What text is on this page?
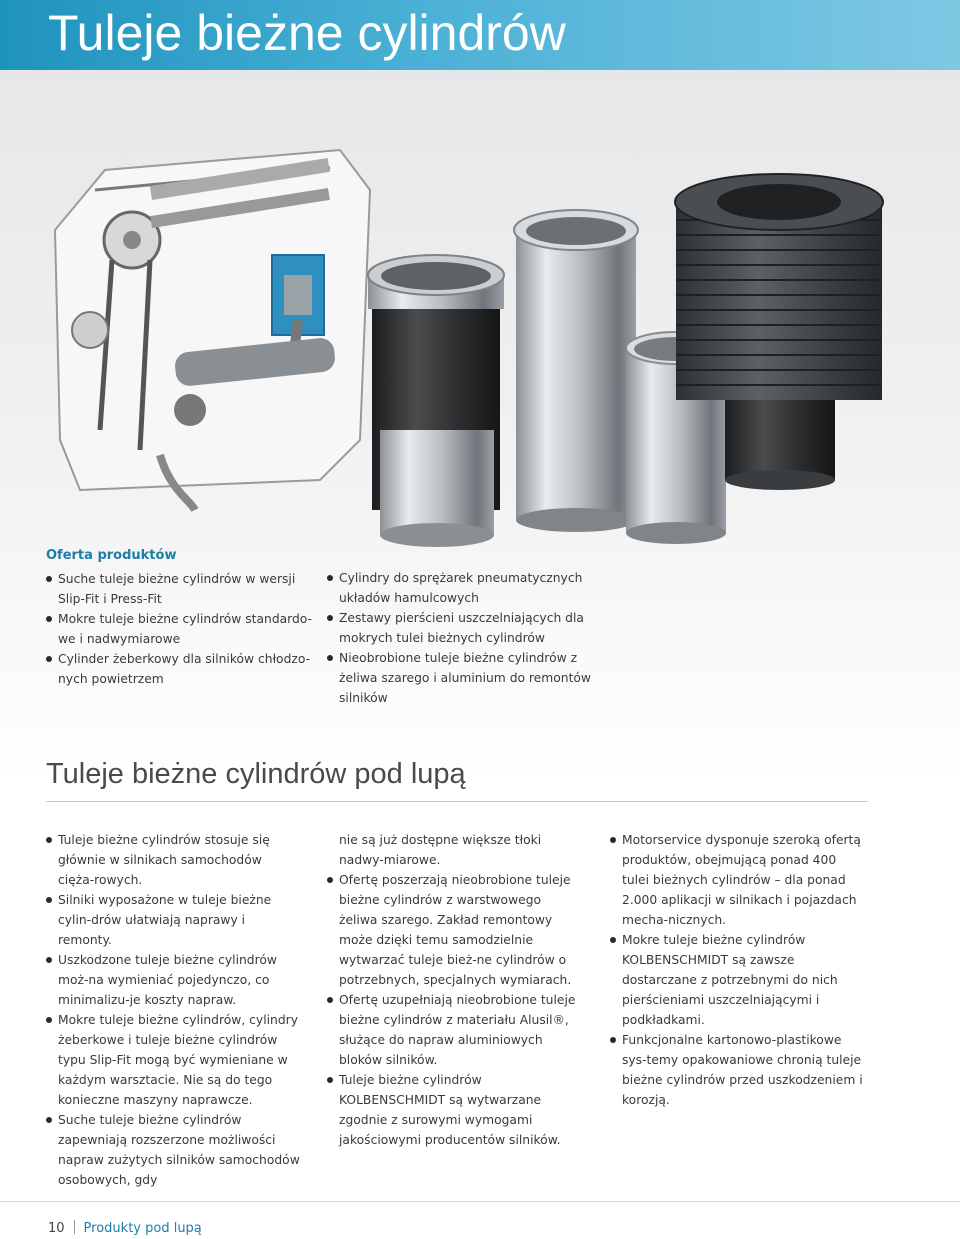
Tuleje bieżne cylindrów
Oferta produktów
Suche tuleje bieżne cylindrów w wersji Slip-Fit i Press-Fit
Mokre tuleje bieżne cylindrów standardo-we i nadwymiarowe
Cylinder żeberkowy dla silników chłodzo-nych powietrzem
Cylindry do sprężarek pneumatycznych układów hamulcowych
Zestawy pierścieni uszczelniających dla mokrych tulei bieżnych cylindrów
Nieobrobione tuleje bieżne cylindrów z żeliwa szarego i aluminium do remontów silników
Tuleje bieżne cylindrów pod lupą
Tuleje bieżne cylindrów stosuje się głównie w silnikach samochodów cięża-rowych.
Silniki wyposażone w tuleje bieżne cylin-drów ułatwiają naprawy i remonty.
Uszkodzone tuleje bieżne cylindrów moż-na wymieniać pojedynczo, co minimalizu-je koszty napraw.
Mokre tuleje bieżne cylindrów, cylindry żeberkowe i tuleje bieżne cylindrów typu Slip-Fit mogą być wymieniane w każdym warsztacie. Nie są do tego konieczne maszyny naprawcze.
Suche tuleje bieżne cylindrów zapewniają rozszerzone możliwości napraw zużytych silników samochodów osobowych, gdy

nie są już dostępne większe tłoki nadwy-miarowe.

Ofertę poszerzają nieobrobione tuleje bieżne cylindrów z warstwowego żeliwa szarego. Zakład remontowy może dzięki temu samodzielnie wytwarzać tuleje bież-ne cylindrów o potrzebnych, specjalnych wymiarach.
Ofertę uzupełniają nieobrobione tuleje bieżne cylindrów z materiału Alusil®, służące do napraw aluminiowych bloków silników.
Tuleje bieżne cylindrów KOLBENSCHMIDT są wytwarzane zgodnie z surowymi wymogami jakościowymi producentów silników.
Motorservice dysponuje szeroką ofertą produktów, obejmującą ponad 400 tulei bieżnych cylindrów – dla ponad 2.000 aplikacji w silnikach i pojazdach mecha-nicznych.
Mokre tuleje bieżne cylindrów KOLBENSCHMIDT są zawsze dostarczane z potrzebnymi do nich pierścieniami uszczelniającymi i podkładkami.
Funkcjonalne kartonowo-plastikowe sys-temy opakowaniowe chronią tuleje bieżne cylindrów przed uszkodzeniem i korozją.
10 Produkty pod lupą
